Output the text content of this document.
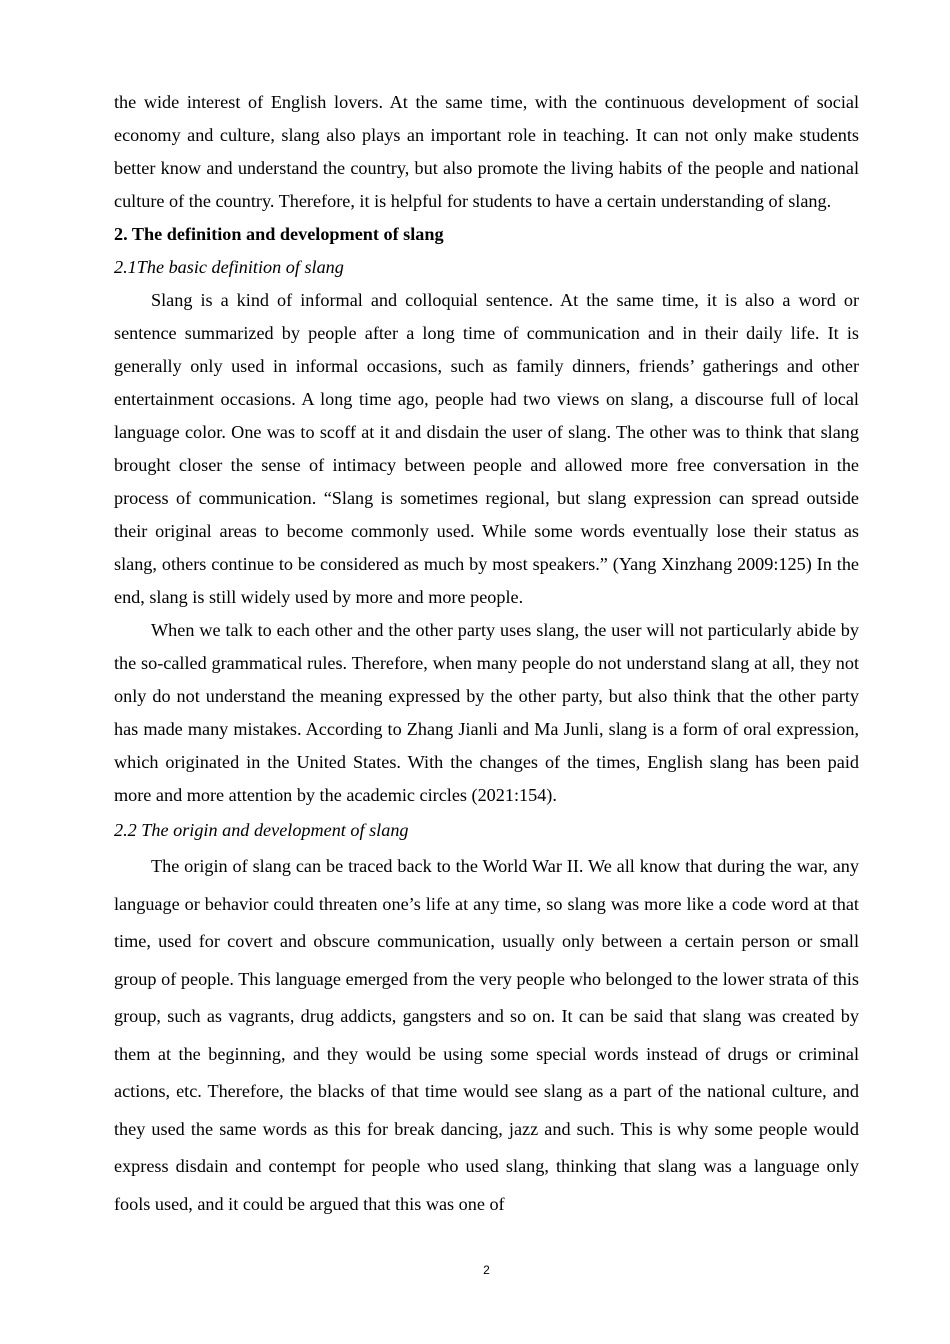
the wide interest of English lovers. At the same time, with the continuous development of social economy and culture, slang also plays an important role in teaching. It can not only make students better know and understand the country, but also promote the living habits of the people and national culture of the country. Therefore, it is helpful for students to have a certain understanding of slang.

2. The definition and development of slang

2.1The basic definition of slang

Slang is a kind of informal and colloquial sentence. At the same time, it is also a word or sentence summarized by people after a long time of communication and in their daily life. It is generally only used in informal occasions, such as family dinners, friends’ gatherings and other entertainment occasions. A long time ago, people had two views on slang, a discourse full of local language color. One was to scoff at it and disdain the user of slang. The other was to think that slang brought closer the sense of intimacy between people and allowed more free conversation in the process of communication. “Slang is sometimes regional, but slang expression can spread outside their original areas to become commonly used. While some words eventually lose their status as slang, others continue to be considered as much by most speakers.” (Yang Xinzhang 2009:125) In the end, slang is still widely used by more and more people.

When we talk to each other and the other party uses slang, the user will not particularly abide by the so-called grammatical rules. Therefore, when many people do not understand slang at all, they not only do not understand the meaning expressed by the other party, but also think that the other party has made many mistakes. According to Zhang Jianli and Ma Junli, slang is a form of oral expression, which originated in the United States. With the changes of the times, English slang has been paid more and more attention by the academic circles (2021:154).

2.2 The origin and development of slang

The origin of slang can be traced back to the World War II. We all know that during the war, any language or behavior could threaten one’s life at any time, so slang was more like a code word at that time, used for covert and obscure communication, usually only between a certain person or small group of people. This language emerged from the very people who belonged to the lower strata of this group, such as vagrants, drug addicts, gangsters and so on. It can be said that slang was created by them at the beginning, and they would be using some special words instead of drugs or criminal actions, etc. Therefore, the blacks of that time would see slang as a part of the national culture, and they used the same words as this for break dancing, jazz and such. This is why some people would express disdain and contempt for people who used slang, thinking that slang was a language only fools used, and it could be argued that this was one of

2
